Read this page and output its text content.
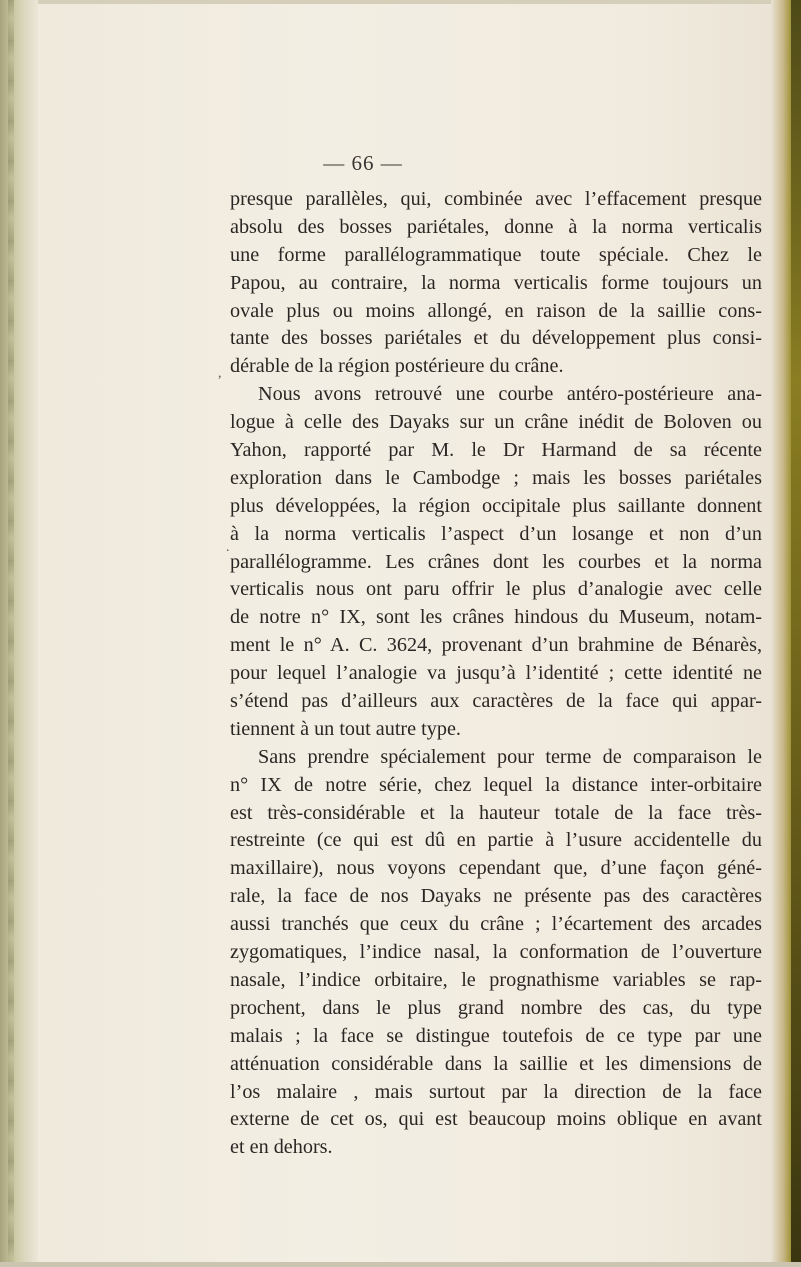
— 66 —
presque parallèles, qui, combinée avec l’effacement presque
absolu des bosses pariétales, donne à la norma verticalis
une forme parallélogrammatique toute spéciale. Chez le
Papou, au contraire, la norma verticalis forme toujours un
ovale plus ou moins allongé, en raison de la saillie cons-
tante des bosses pariétales et du développement plus consi-
dérable de la région postérieure du crâne.
Nous avons retrouvé une courbe antéro-postérieure ana-
logue à celle des Dayaks sur un crâne inédit de Boloven ou
Yahon, rapporté par M. le Dr Harmand de sa récente
exploration dans le Cambodge ; mais les bosses pariétales
plus développées, la région occipitale plus saillante donnent
à la norma verticalis l’aspect d’un losange et non d’un
parallélogramme. Les crânes dont les courbes et la norma
verticalis nous ont paru offrir le plus d’analogie avec celle
de notre n° IX, sont les crânes hindous du Museum, notam-
ment le n° A. C. 3624, provenant d’un brahmine de Bénarès,
pour lequel l’analogie va jusqu’à l’identité ; cette identité ne
s’étend pas d’ailleurs aux caractères de la face qui appar-
tiennent à un tout autre type.
Sans prendre spécialement pour terme de comparaison le
n° IX de notre série, chez lequel la distance inter-orbitaire
est très-considérable et la hauteur totale de la face très-
restreinte (ce qui est dû en partie à l’usure accidentelle du
maxillaire), nous voyons cependant que, d’une façon géné-
rale, la face de nos Dayaks ne présente pas des caractères
aussi tranchés que ceux du crâne ; l’écartement des arcades
zygomatiques, l’indice nasal, la conformation de l’ouverture
nasale, l’indice orbitaire, le prognathisme variables se rap-
prochent, dans le plus grand nombre des cas, du type
malais ; la face se distingue toutefois de ce type par une
atténuation considérable dans la saillie et les dimensions de
l’os malaire , mais surtout par la direction de la face
externe de cet os, qui est beaucoup moins oblique en avant
et en dehors.
,
.
